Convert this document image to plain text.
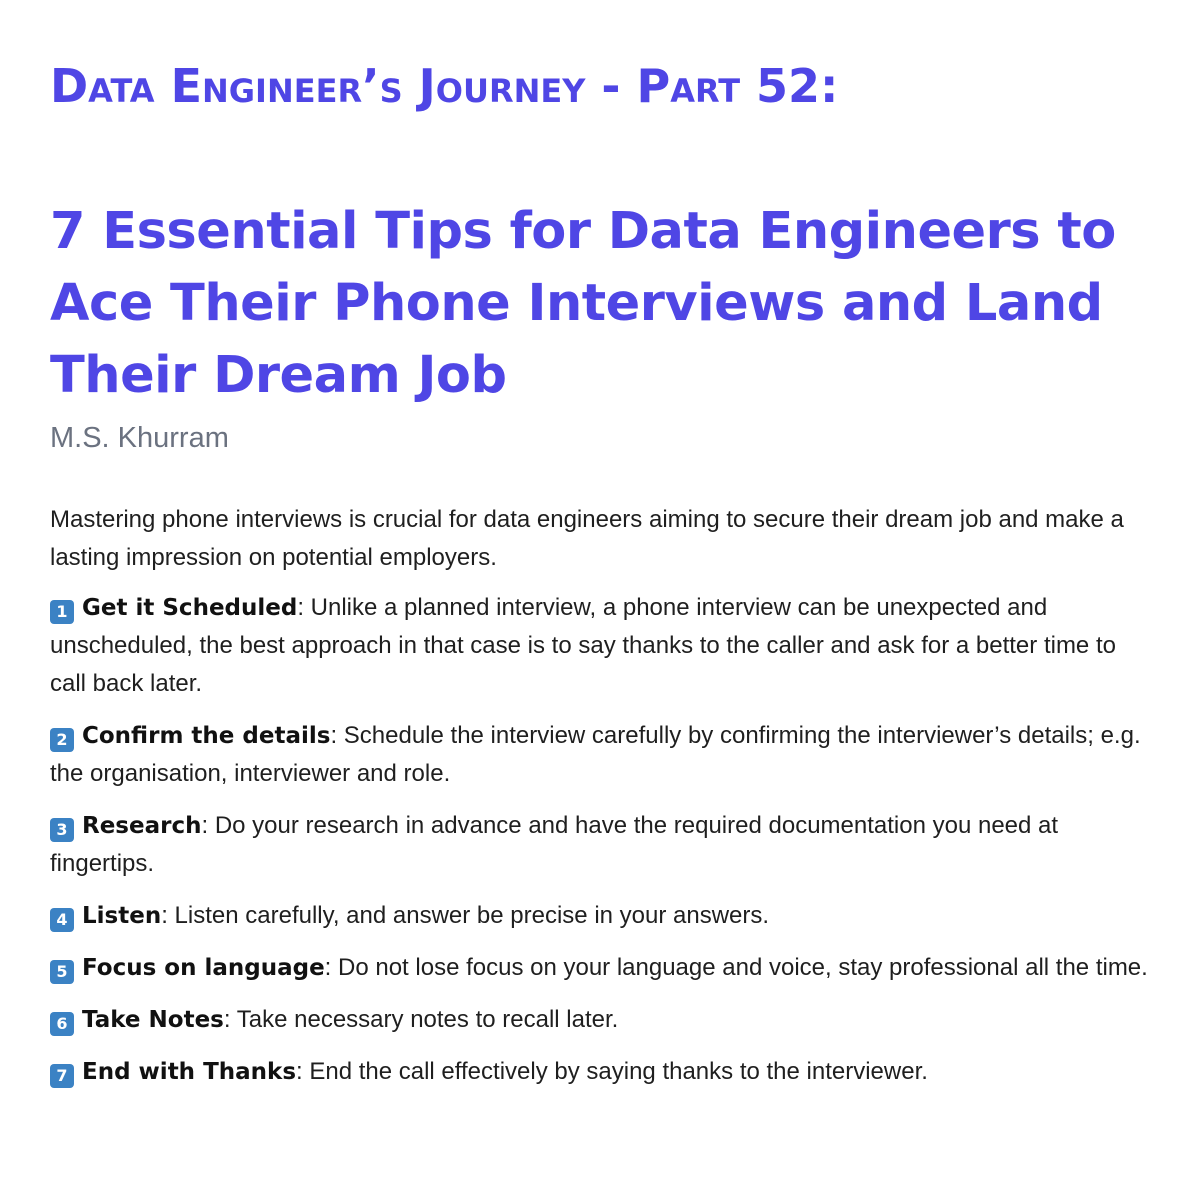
Data Engineer’s Journey - Part 52:
7 Essential Tips for Data Engineers to Ace Their Phone Interviews and Land Their Dream Job

M.S. Khurram

Mastering phone interviews is crucial for data engineers aiming to secure their dream job and make a lasting impression on potential employers.

1 Get it Scheduled: Unlike a planned interview, a phone interview can be unexpected and unscheduled, the best approach in that case is to say thanks to the caller and ask for a better time to call back later.
2 Confirm the details: Schedule the interview carefully by confirming the interviewer’s details; e.g. the organisation, interviewer and role.
3 Research: Do your research in advance and have the required documentation you need at fingertips.
4 Listen: Listen carefully, and answer be precise in your answers.
5 Focus on language: Do not lose focus on your language and voice, stay professional all the time.
6 Take Notes: Take necessary notes to recall later.
7 End with Thanks: End the call effectively by saying thanks to the interviewer.
